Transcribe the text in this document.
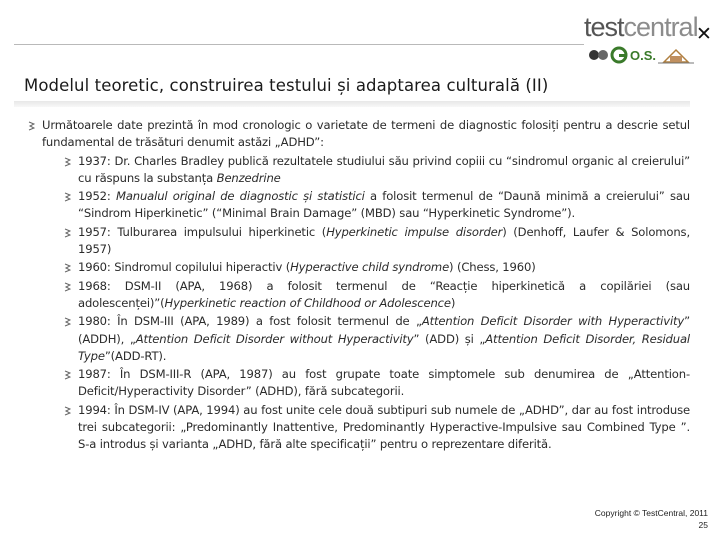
testcentral
O.S.
✕
Modelul teoretic, construirea testului și adaptarea culturală (II)
Următoarele date prezintă în mod cronologic o varietate de termeni de diagnostic folosiți pentru a descrie setul fundamental de trăsături denumit astăzi „ADHD”:
1937: Dr. Charles Bradley publică rezultatele studiului său privind copiii cu “sindromul organic al creierului” cu răspuns la substanța Benzedrine
1952: Manualul original de diagnostic și statistici a folosit termenul de “Daună minimă a creierului” sau “Sindrom Hiperkinetic” (“Minimal Brain Damage” (MBD) sau “Hyperkinetic Syndrome”).
1957: Tulburarea impulsului hiperkinetic (Hyperkinetic impulse disorder) (Denhoff, Laufer & Solomons, 1957)
1960: Sindromul copilului hiperactiv (Hyperactive child syndrome) (Chess, 1960)
1968: DSM-II (APA, 1968) a folosit termenul de “Reacție hiperkinetică a copilăriei (sau adolescenței)”(Hyperkinetic reaction of Childhood or Adolescence)
1980: În DSM-III (APA, 1989) a fost folosit termenul de „Attention Deficit Disorder with Hyperactivity” (ADDH), „Attention Deficit Disorder without Hyperactivity” (ADD) și „Attention Deficit Disorder, Residual Type”(ADD-RT).
1987: În DSM-III-R (APA, 1987) au fost grupate toate simptomele sub denumirea de „Attention-Deficit/Hyperactivity Disorder” (ADHD), fără subcategorii.
1994: În DSM-IV (APA, 1994) au fost unite cele două subtipuri sub numele de „ADHD”, dar au fost introduse trei subcategorii: „Predominantly Inattentive, Predominantly Hyperactive-Impulsive sau Combined Type ”. S-a introdus și varianta „ADHD, fără alte specificații” pentru o reprezentare diferită.
Copyright © TestCentral, 2011
25
